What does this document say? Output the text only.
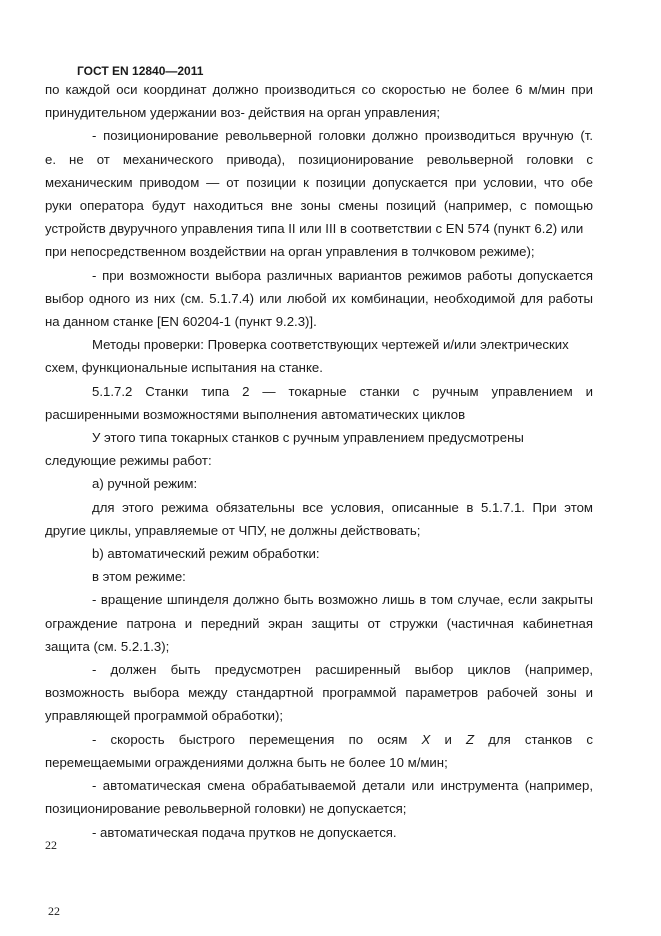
ГОСТ EN 12840—2011
по каждой оси координат должно производиться со скоростью не более 6 м/мин при
принудительном удержании воз- действия на орган управления;
- позиционирование револьверной головки должно производиться вручную (т.
е. не от механического привода), позиционирование револьверной головки с
механическим приводом — от позиции к позиции допускается при условии, что обе
руки оператора будут находиться вне зоны смены позиций (например, с помощью
устройств двуручного управления типа II или III в соответствии с EN 574 (пункт 6.2) или
при непосредственном воздействии на орган управления в толчковом режиме);
- при возможности выбора различных вариантов режимов работы допускается
выбор одного из них (см. 5.1.7.4) или любой их комбинации, необходимой для работы
на данном станке [EN 60204-1 (пункт 9.2.3)].
Методы проверки: Проверка соответствующих чертежей и/или электрических
схем, функциональные испытания на станке.
5.1.7.2 Станки типа 2 — токарные станки с ручным управлением и
расширенными возможностями выполнения автоматических циклов
У этого типа токарных станков с ручным управлением предусмотрены
следующие режимы работ:
a) ручной режим:
для этого режима обязательны все условия, описанные в 5.1.7.1. При этом
другие циклы, управляемые от ЧПУ, не должны действовать;
b) автоматический режим обработки:
в этом режиме:
- вращение шпинделя должно быть возможно лишь в том случае, если закрыты
ограждение патрона и передний экран защиты от стружки (частичная кабинетная
защита (см. 5.2.1.3);
- должен быть предусмотрен расширенный выбор циклов (например,
возможность выбора между стандартной программой параметров рабочей зоны и
управляющей программой обработки);
- скорость быстрого перемещения по осям X и Z для станков с
перемещаемыми ограждениями должна быть не более 10 м/мин;
- автоматическая смена обрабатываемой детали или инструмента (например,
позиционирование револьверной головки) не допускается;
- автоматическая подача прутков не допускается.
22
22
